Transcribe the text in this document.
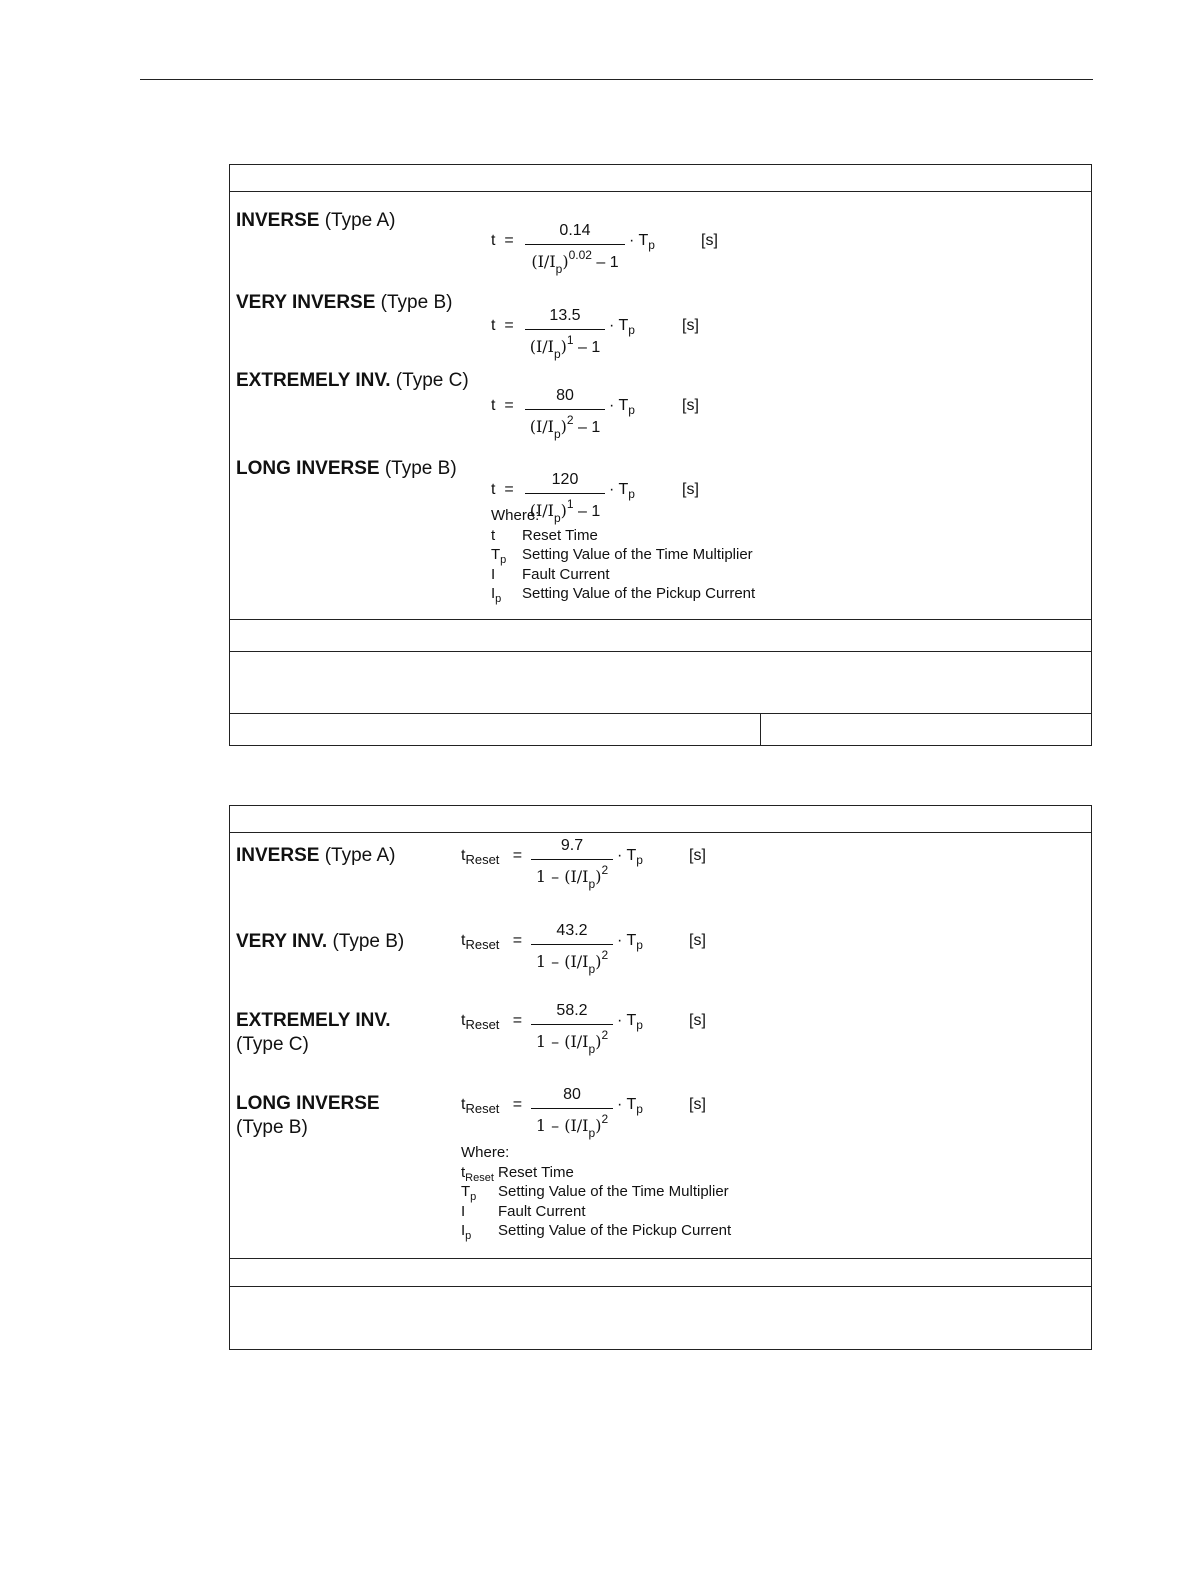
INVERSE (Type A)
t =
0.14
$(I/I_p)^{0.02} - 1$
· $T_p$	[s]
VERY INVERSE (Type B)
t =
13.5
$(I/I_p)^1 - 1$
· $T_p$	[s]
EXTREMELY INV. (Type C)
t =
80
$(I/I_p)^2 - 1$
· $T_p$	[s]
LONG INVERSE (Type B)
t =
120
$(I/I_p)^1 - 1$
· $T_p$	[s]
Where:
t Reset Time
$T_p$ Setting Value of the Time Multiplier
I Fault Current
$I_p$ Setting Value of the Pickup Current
INVERSE (Type A)	$t_{Reset}$ =
9.7
$1 - (I/I_p)^2$
· $T_p$	[s]
VERY INV. (Type B)	$t_{Reset}$ =
43.2
$1 - (I/I_p)^2$
· $T_p$	[s]
EXTREMELY INV.
(Type C)
$t_{Reset}$ =
58.2
$1 - (I/I_p)^2$
· $T_p$	[s]
LONG INVERSE
(Type B)
$t_{Reset}$ =
80
$1 - (I/I_p)^2$
· $T_p$	[s]
Where:
$t_{Reset}$ Reset Time
$T_p$ Setting Value of the Time Multiplier
I Fault Current
$I_p$ Setting Value of the Pickup Current
